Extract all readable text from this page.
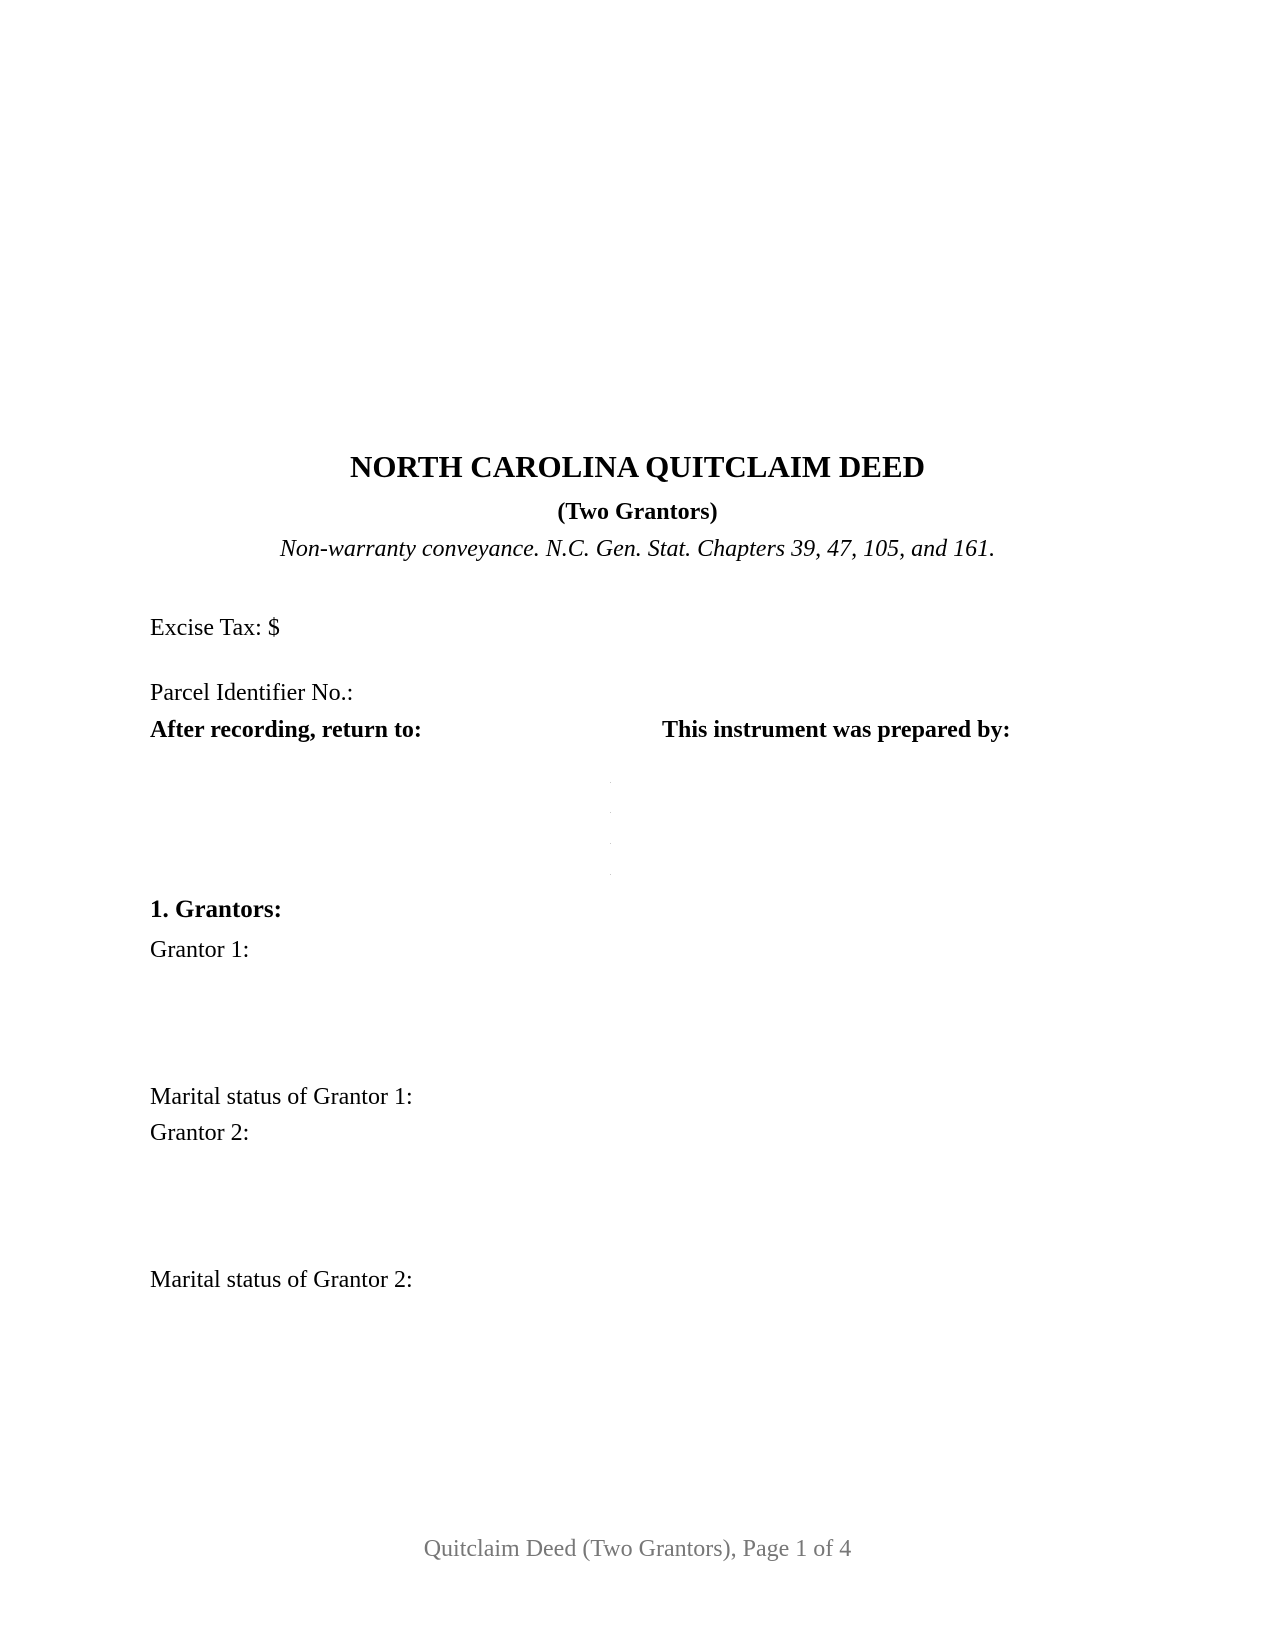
NORTH CAROLINA QUITCLAIM DEED
(Two Grantors)
Non-warranty conveyance. N.C. Gen. Stat. Chapters 39, 47, 105, and 161.
Excise Tax: $
Parcel Identifier No.:
After recording, return to:	This instrument was prepared by:
1. Grantors:
Grantor 1:
Marital status of Grantor 1:
Grantor 2:
Marital status of Grantor 2:
Quitclaim Deed (Two Grantors), Page 1 of 4
